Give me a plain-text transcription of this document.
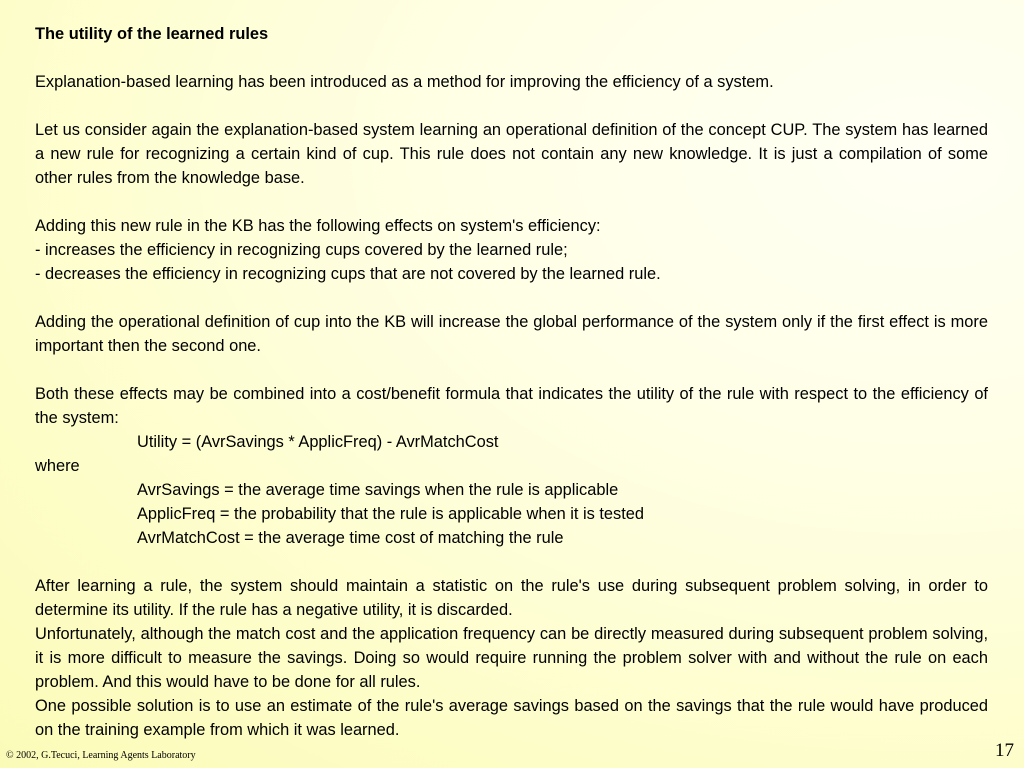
The utility of the learned rules

Explanation-based learning has been introduced as a method for improving the efficiency of a system.

Let us consider again the explanation-based system learning an operational definition of the concept CUP. The system has learned a new rule for recognizing a certain kind of cup. This rule does not contain any new knowledge. It is just a compilation of some other rules from the knowledge base.

Adding this new rule in the KB has the following effects on system's efficiency:

- increases the efficiency in recognizing cups covered by the learned rule;

- decreases the efficiency in recognizing cups that are not covered by the learned rule.

Adding the operational definition of cup into the KB will increase the global performance of the system only if the first effect is more important then the second one.

Both these effects may be combined into a cost/benefit formula that indicates the utility of the rule with respect to the efficiency of the system:

Utility = (AvrSavings * ApplicFreq) - AvrMatchCost

where

AvrSavings = the average time savings when the rule is applicable

ApplicFreq = the probability that the rule is applicable when it is tested

AvrMatchCost = the average time cost of matching the rule

After learning a rule, the system should maintain a statistic on the rule's use during subsequent problem solving, in order to determine its utility. If the rule has a negative utility, it is discarded.

Unfortunately, although the match cost and the application frequency can be directly measured during subsequent problem solving, it is more difficult to measure the savings. Doing so would require running the problem solver with and without the rule on each problem. And this would have to be done for all rules.

One possible solution is to use an estimate of the rule's average savings based on the savings that the rule would have produced on the training example from which it was learned.

© 2002, G.Tecuci, Learning Agents Laboratory	17
